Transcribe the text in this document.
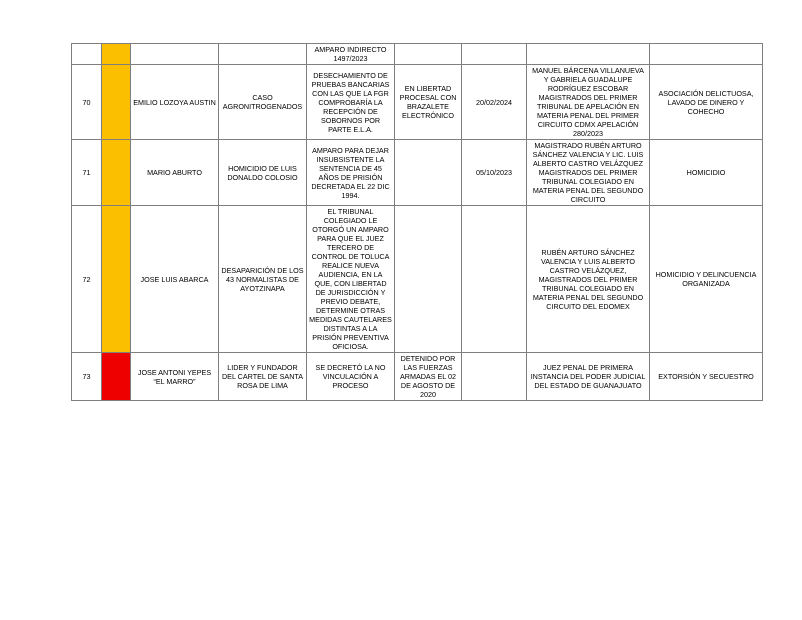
				AMPARO INDIRECTO 1497/2023				
70		EMILIO LOZOYA AUSTIN	CASO AGRONITROGENADOS	DESECHAMIENTO DE PRUEBAS BANCARIAS CON LAS QUE LA FGR COMPROBARÍA LA RECEPCIÓN DE SOBORNOS POR PARTE E.L.A.	EN LIBERTAD PROCESAL CON BRAZALETE ELECTRÓNICO	20/02/2024	MANUEL BÁRCENA VILLANUEVA Y GABRIELA GUADALUPE RODRÍGUEZ ESCOBAR MAGISTRADOS DEL PRIMER TRIBUNAL DE APELACIÓN EN MATERIA PENAL DEL PRIMER CIRCUITO CDMX APELACIÓN 280/2023	ASOCIACIÓN DELICTUOSA, LAVADO DE DINERO Y COHECHO
71		MARIO ABURTO	HOMICIDIO DE LUIS DONALDO COLOSIO	AMPARO PARA DEJAR INSUBSISTENTE LA SENTENCIA DE 45 AÑOS DE PRISIÓN DECRETADA EL 22 DIC 1994.		05/10/2023	MAGISTRADO RUBÉN ARTURO SÁNCHEZ VALENCIA Y LIC. LUIS ALBERTO CASTRO VELÁZQUEZ MAGISTRADOS DEL PRIMER TRIBUNAL COLEGIADO EN MATERIA PENAL DEL SEGUNDO CIRCUITO	HOMICIDIO
72		JOSE LUIS ABARCA	DESAPARICIÓN DE LOS 43 NORMALISTAS DE AYOTZINAPA	EL TRIBUNAL COLEGIADO LE OTORGÓ UN AMPARO PARA QUE EL JUEZ TERCERO DE CONTROL DE TOLUCA REALICE NUEVA AUDIENCIA, EN LA QUE, CON LIBERTAD DE JURISDICCIÓN Y PREVIO DEBATE, DETERMINE OTRAS MEDIDAS CAUTELARES DISTINTAS A LA PRISIÓN PREVENTIVA OFICIOSA.			RUBÉN ARTURO SÁNCHEZ VALENCIA Y LUIS ALBERTO CASTRO VELÁZQUEZ, MAGISTRADOS DEL PRIMER TRIBUNAL COLEGIADO EN MATERIA PENAL DEL SEGUNDO CIRCUITO DEL EDOMEX	HOMICIDIO Y DELINCUENCIA ORGANIZADA
73		JOSE ANTONI YEPES “EL MARRO”	LIDER Y FUNDADOR DEL CARTEL DE SANTA ROSA DE LIMA	SE DECRETÓ LA NO VINCULACIÓN A PROCESO	DETENIDO POR LAS FUERZAS ARMADAS EL 02 DE AGOSTO DE 2020		JUEZ PENAL DE PRIMERA INSTANCIA DEL PODER JUDICIAL DEL ESTADO DE GUANAJUATO	EXTORSIÓN Y SECUESTRO
